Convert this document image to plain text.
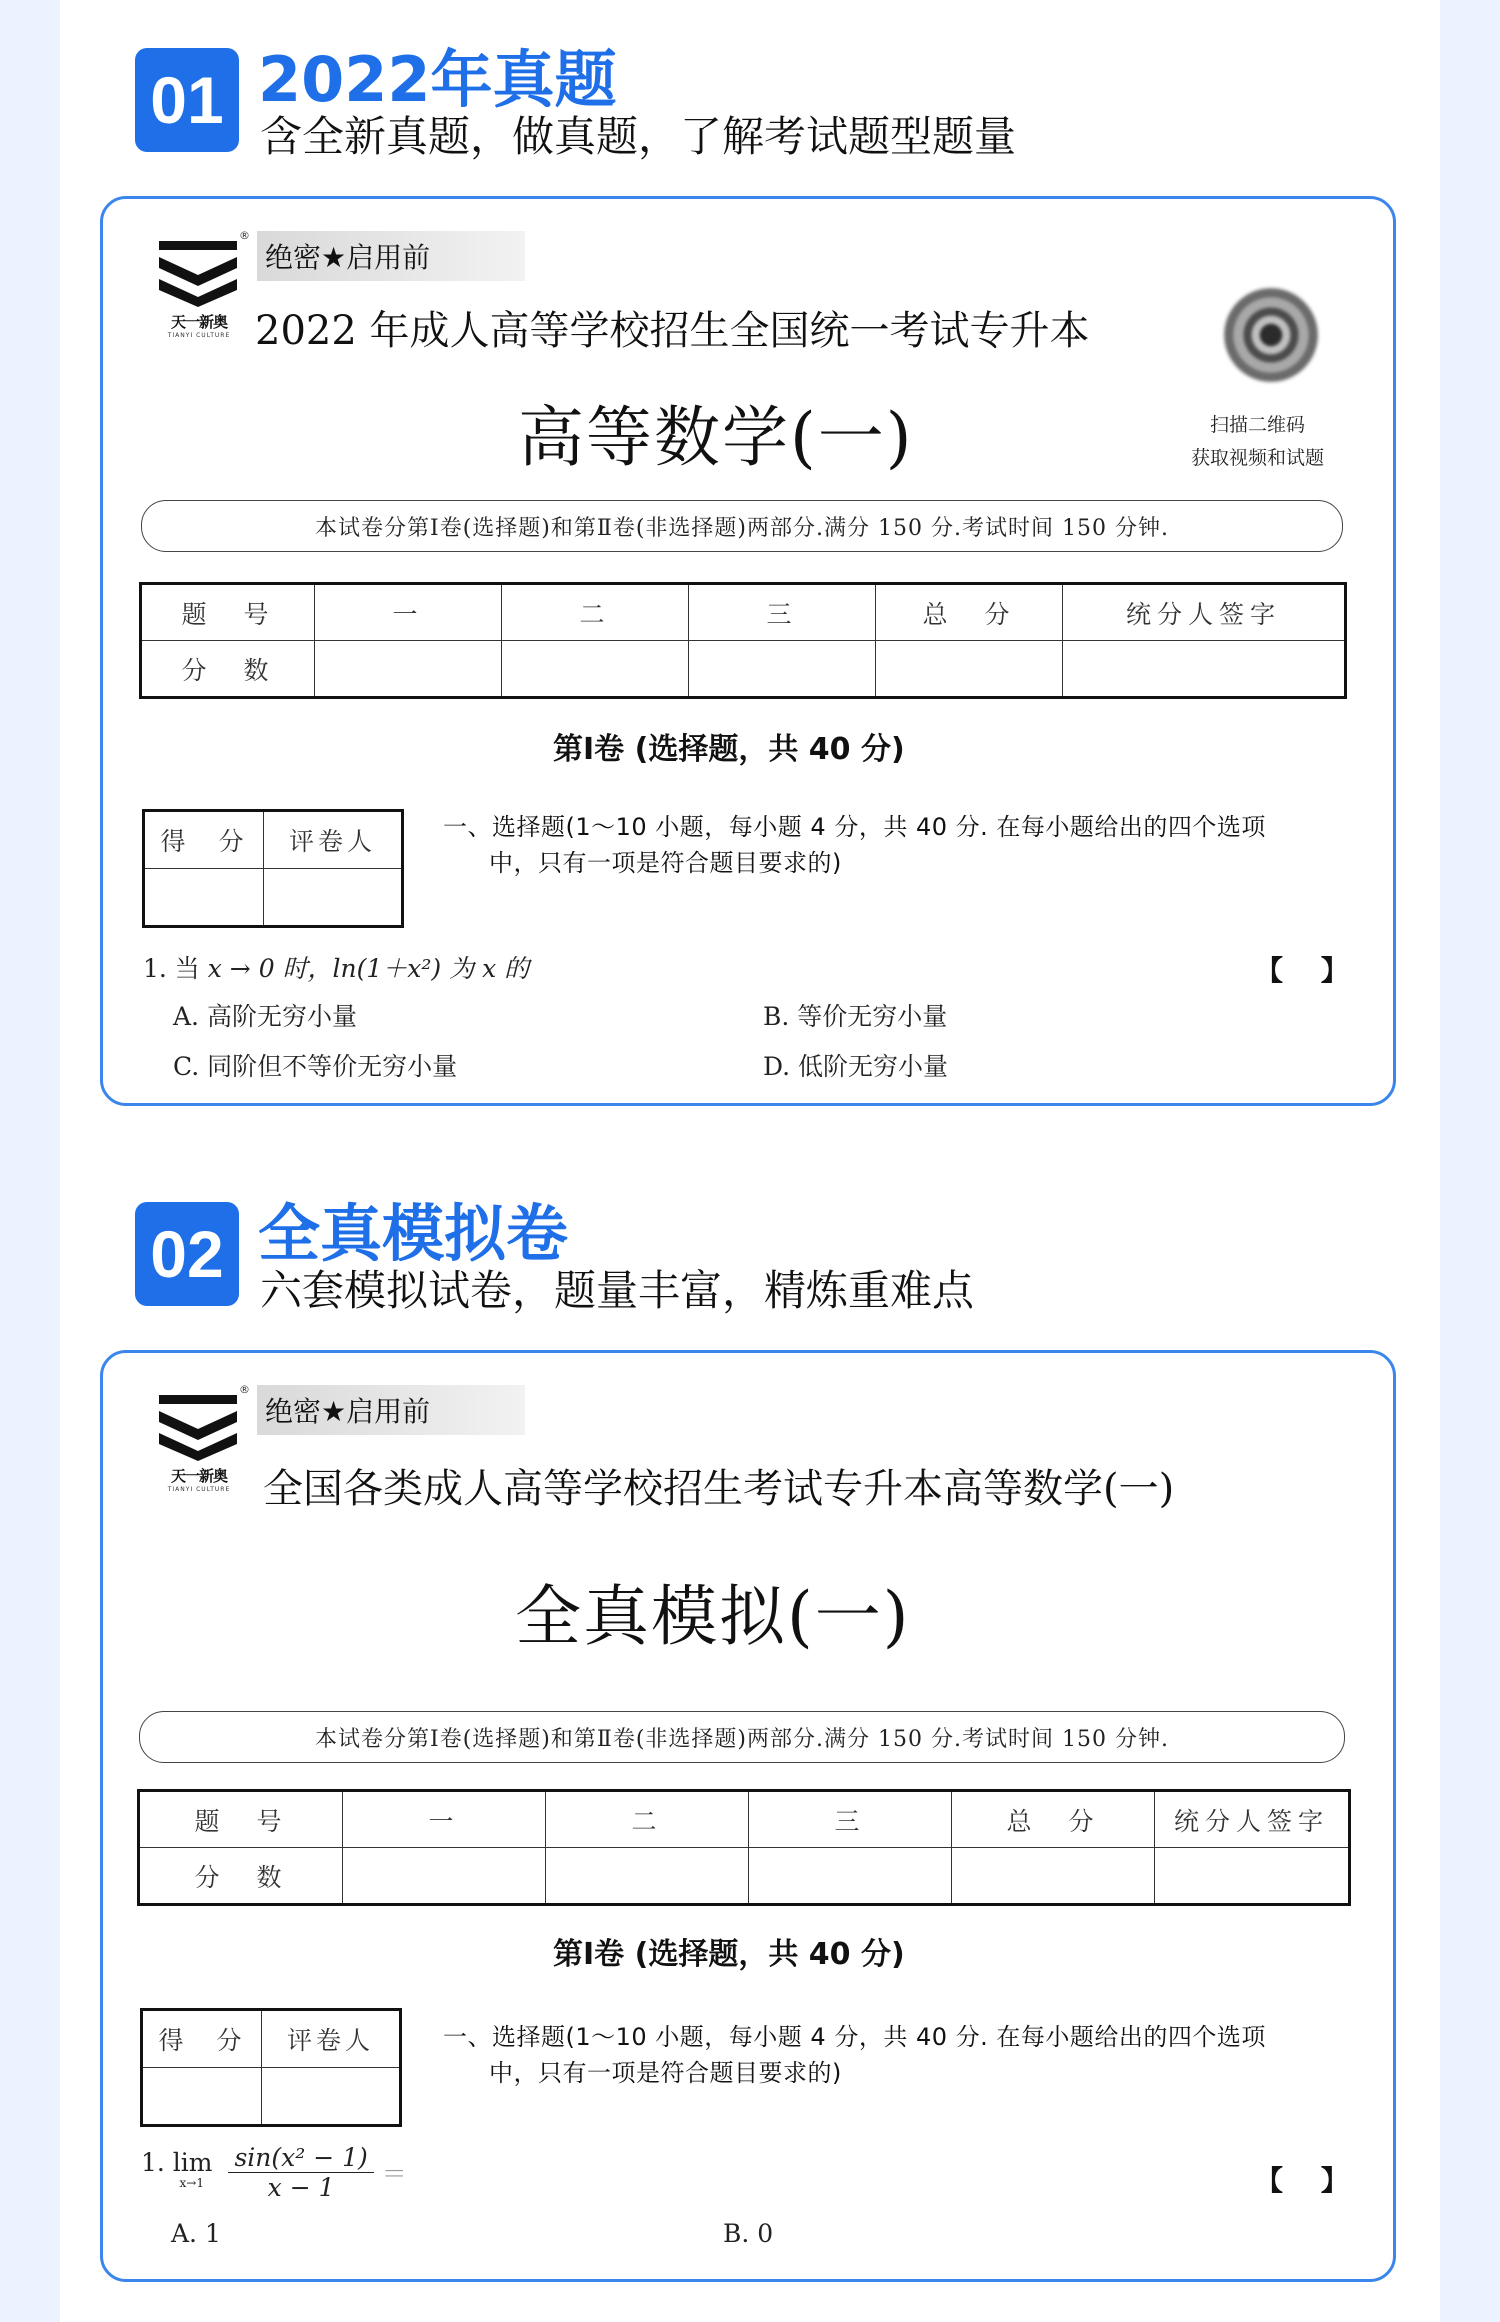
01 2022年真题
含全新真题，做真题，了解考试题型题量
天一新奥
TIANYI CULTURE
®
绝密★启用前
2022 年成人高等学校招生全国统一考试专升本
高等数学(一)	扫描二维码
获取视频和试题
本试卷分第Ⅰ卷(选择题)和第Ⅱ卷(非选择题)两部分.满分 150 分.考试时间 150 分钟.
题　号	一	二	三	总　分	统分人签字
分　数					
第Ⅰ卷 (选择题，共 40 分)
得　分	评卷人
		一、选择题(1～10 小题，每小题 4 分，共 40 分. 在每小题给出的四个选项
中，只有一项是符合题目要求的)
1. 当 x → 0 时，ln(1＋x²) 为 x 的	【　 】
A. 高阶无穷小量	B. 等价无穷小量
C. 同阶但不等价无穷小量	D. 低阶无穷小量
02 全真模拟卷
六套模拟试卷，题量丰富，精炼重难点
天一新奥
TIANYI CULTURE
®
绝密★启用前
全国各类成人高等学校招生考试专升本高等数学(一)
全真模拟(一)
本试卷分第Ⅰ卷(选择题)和第Ⅱ卷(非选择题)两部分.满分 150 分.考试时间 150 分钟.
题　号	一	二	三	总　分	统分人签字
分　数					
第Ⅰ卷 (选择题，共 40 分)
得　分	评卷人
		一、选择题(1～10 小题，每小题 4 分，共 40 分. 在每小题给出的四个选项
中，只有一项是符合题目要求的)
1. lim
x→1
$\frac{\text{sin(x² − 1)}}{x - 1}$ ＝	【　 】
A. 1	B. 0
